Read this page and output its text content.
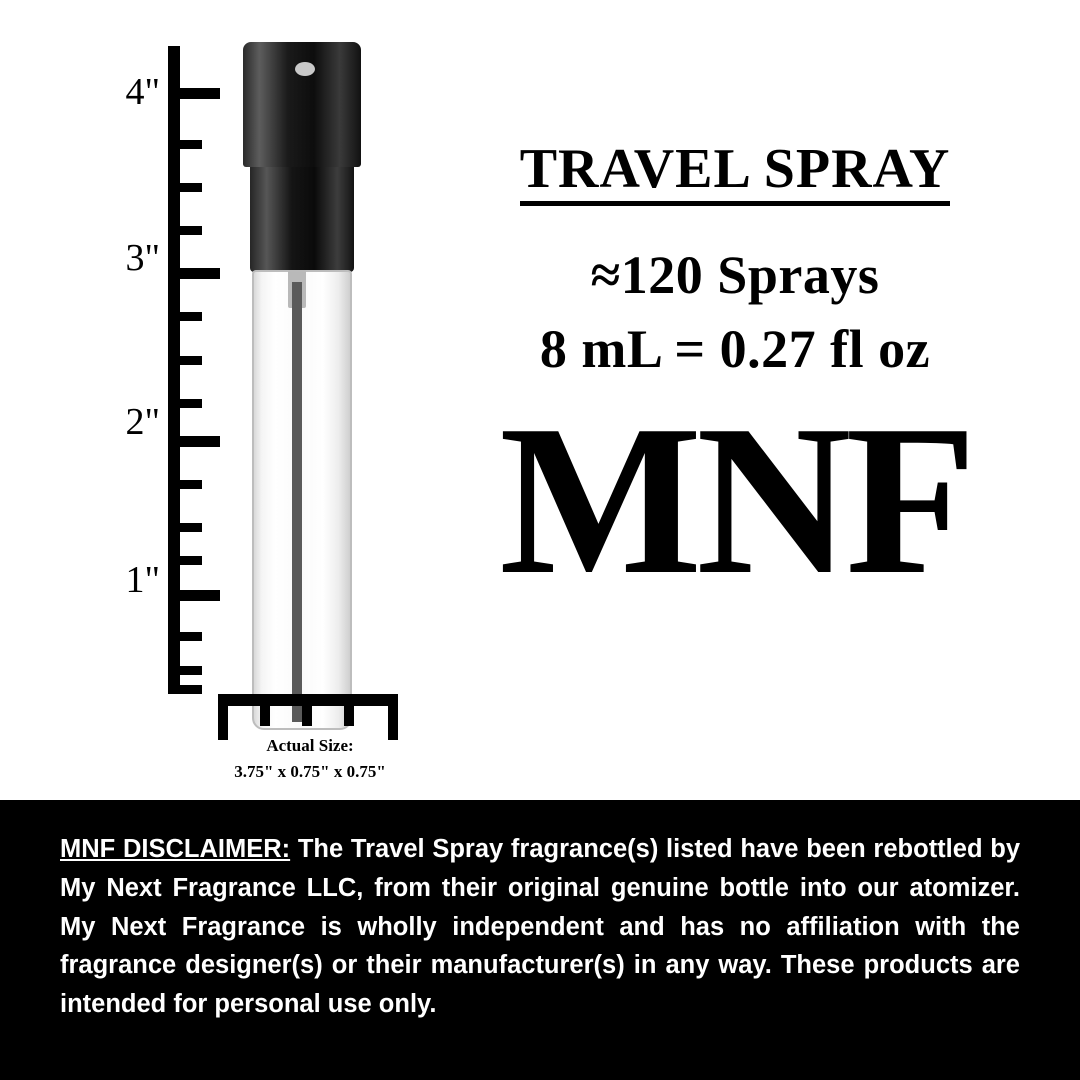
4"
3"
2"
1"
Actual Size:
3.75" x 0.75" x 0.75"
TRAVEL SPRAY
≈120 Sprays
8 mL = 0.27 fl oz
MNF
MNF DISCLAIMER: The Travel Spray fragrance(s) listed have been rebottled by My Next Fragrance LLC, from their original genuine bottle into our atomizer. My Next Fragrance is wholly independent and has no affiliation with the fragrance designer(s) or their manufacturer(s) in any way. These products are intended for personal use only.
